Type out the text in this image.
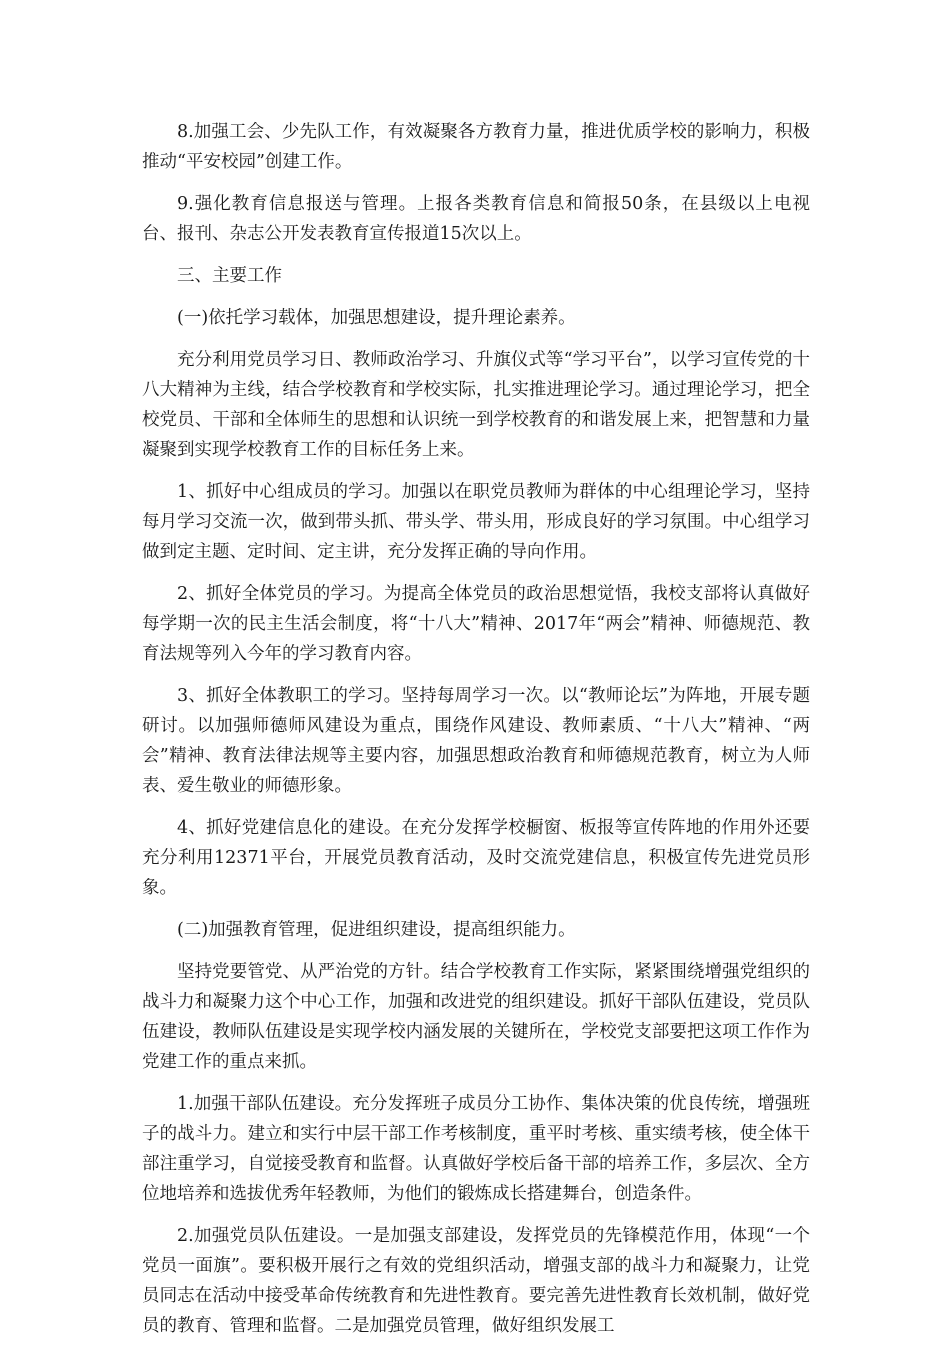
8.加强工会、少先队工作，有效凝聚各方教育力量，推进优质学校的影响力，积极推动“平安校园”创建工作。

9.强化教育信息报送与管理。上报各类教育信息和简报50条，在县级以上电视台、报刊、杂志公开发表教育宣传报道15次以上。

三、主要工作

(一)依托学习载体，加强思想建设，提升理论素养。

充分利用党员学习日、教师政治学习、升旗仪式等“学习平台”，以学习宣传党的十八大精神为主线，结合学校教育和学校实际，扎实推进理论学习。通过理论学习，把全校党员、干部和全体师生的思想和认识统一到学校教育的和谐发展上来，把智慧和力量凝聚到实现学校教育工作的目标任务上来。

1、抓好中心组成员的学习。加强以在职党员教师为群体的中心组理论学习，坚持每月学习交流一次，做到带头抓、带头学、带头用，形成良好的学习氛围。中心组学习做到定主题、定时间、定主讲，充分发挥正确的导向作用。

2、抓好全体党员的学习。为提高全体党员的政治思想觉悟，我校支部将认真做好每学期一次的民主生活会制度，将“十八大”精神、2017年“两会”精神、师德规范、教育法规等列入今年的学习教育内容。

3、抓好全体教职工的学习。坚持每周学习一次。以“教师论坛”为阵地，开展专题研讨。以加强师德师风建设为重点，围绕作风建设、教师素质、“十八大”精神、“两会”精神、教育法律法规等主要内容，加强思想政治教育和师德规范教育，树立为人师表、爱生敬业的师德形象。

4、抓好党建信息化的建设。在充分发挥学校橱窗、板报等宣传阵地的作用外还要充分利用12371平台，开展党员教育活动，及时交流党建信息，积极宣传先进党员形象。

(二)加强教育管理，促进组织建设，提高组织能力。

坚持党要管党、从严治党的方针。结合学校教育工作实际，紧紧围绕增强党组织的战斗力和凝聚力这个中心工作，加强和改进党的组织建设。抓好干部队伍建设，党员队伍建设，教师队伍建设是实现学校内涵发展的关键所在，学校党支部要把这项工作作为党建工作的重点来抓。

1.加强干部队伍建设。充分发挥班子成员分工协作、集体决策的优良传统，增强班子的战斗力。建立和实行中层干部工作考核制度，重平时考核、重实绩考核，使全体干部注重学习，自觉接受教育和监督。认真做好学校后备干部的培养工作，多层次、全方位地培养和选拔优秀年轻教师，为他们的锻炼成长搭建舞台，创造条件。

2.加强党员队伍建设。一是加强支部建设，发挥党员的先锋模范作用，体现“一个党员一面旗”。要积极开展行之有效的党组织活动，增强支部的战斗力和凝聚力，让党员同志在活动中接受革命传统教育和先进性教育。要完善先进性教育长效机制，做好党员的教育、管理和监督。二是加强党员管理，做好组织发展工
